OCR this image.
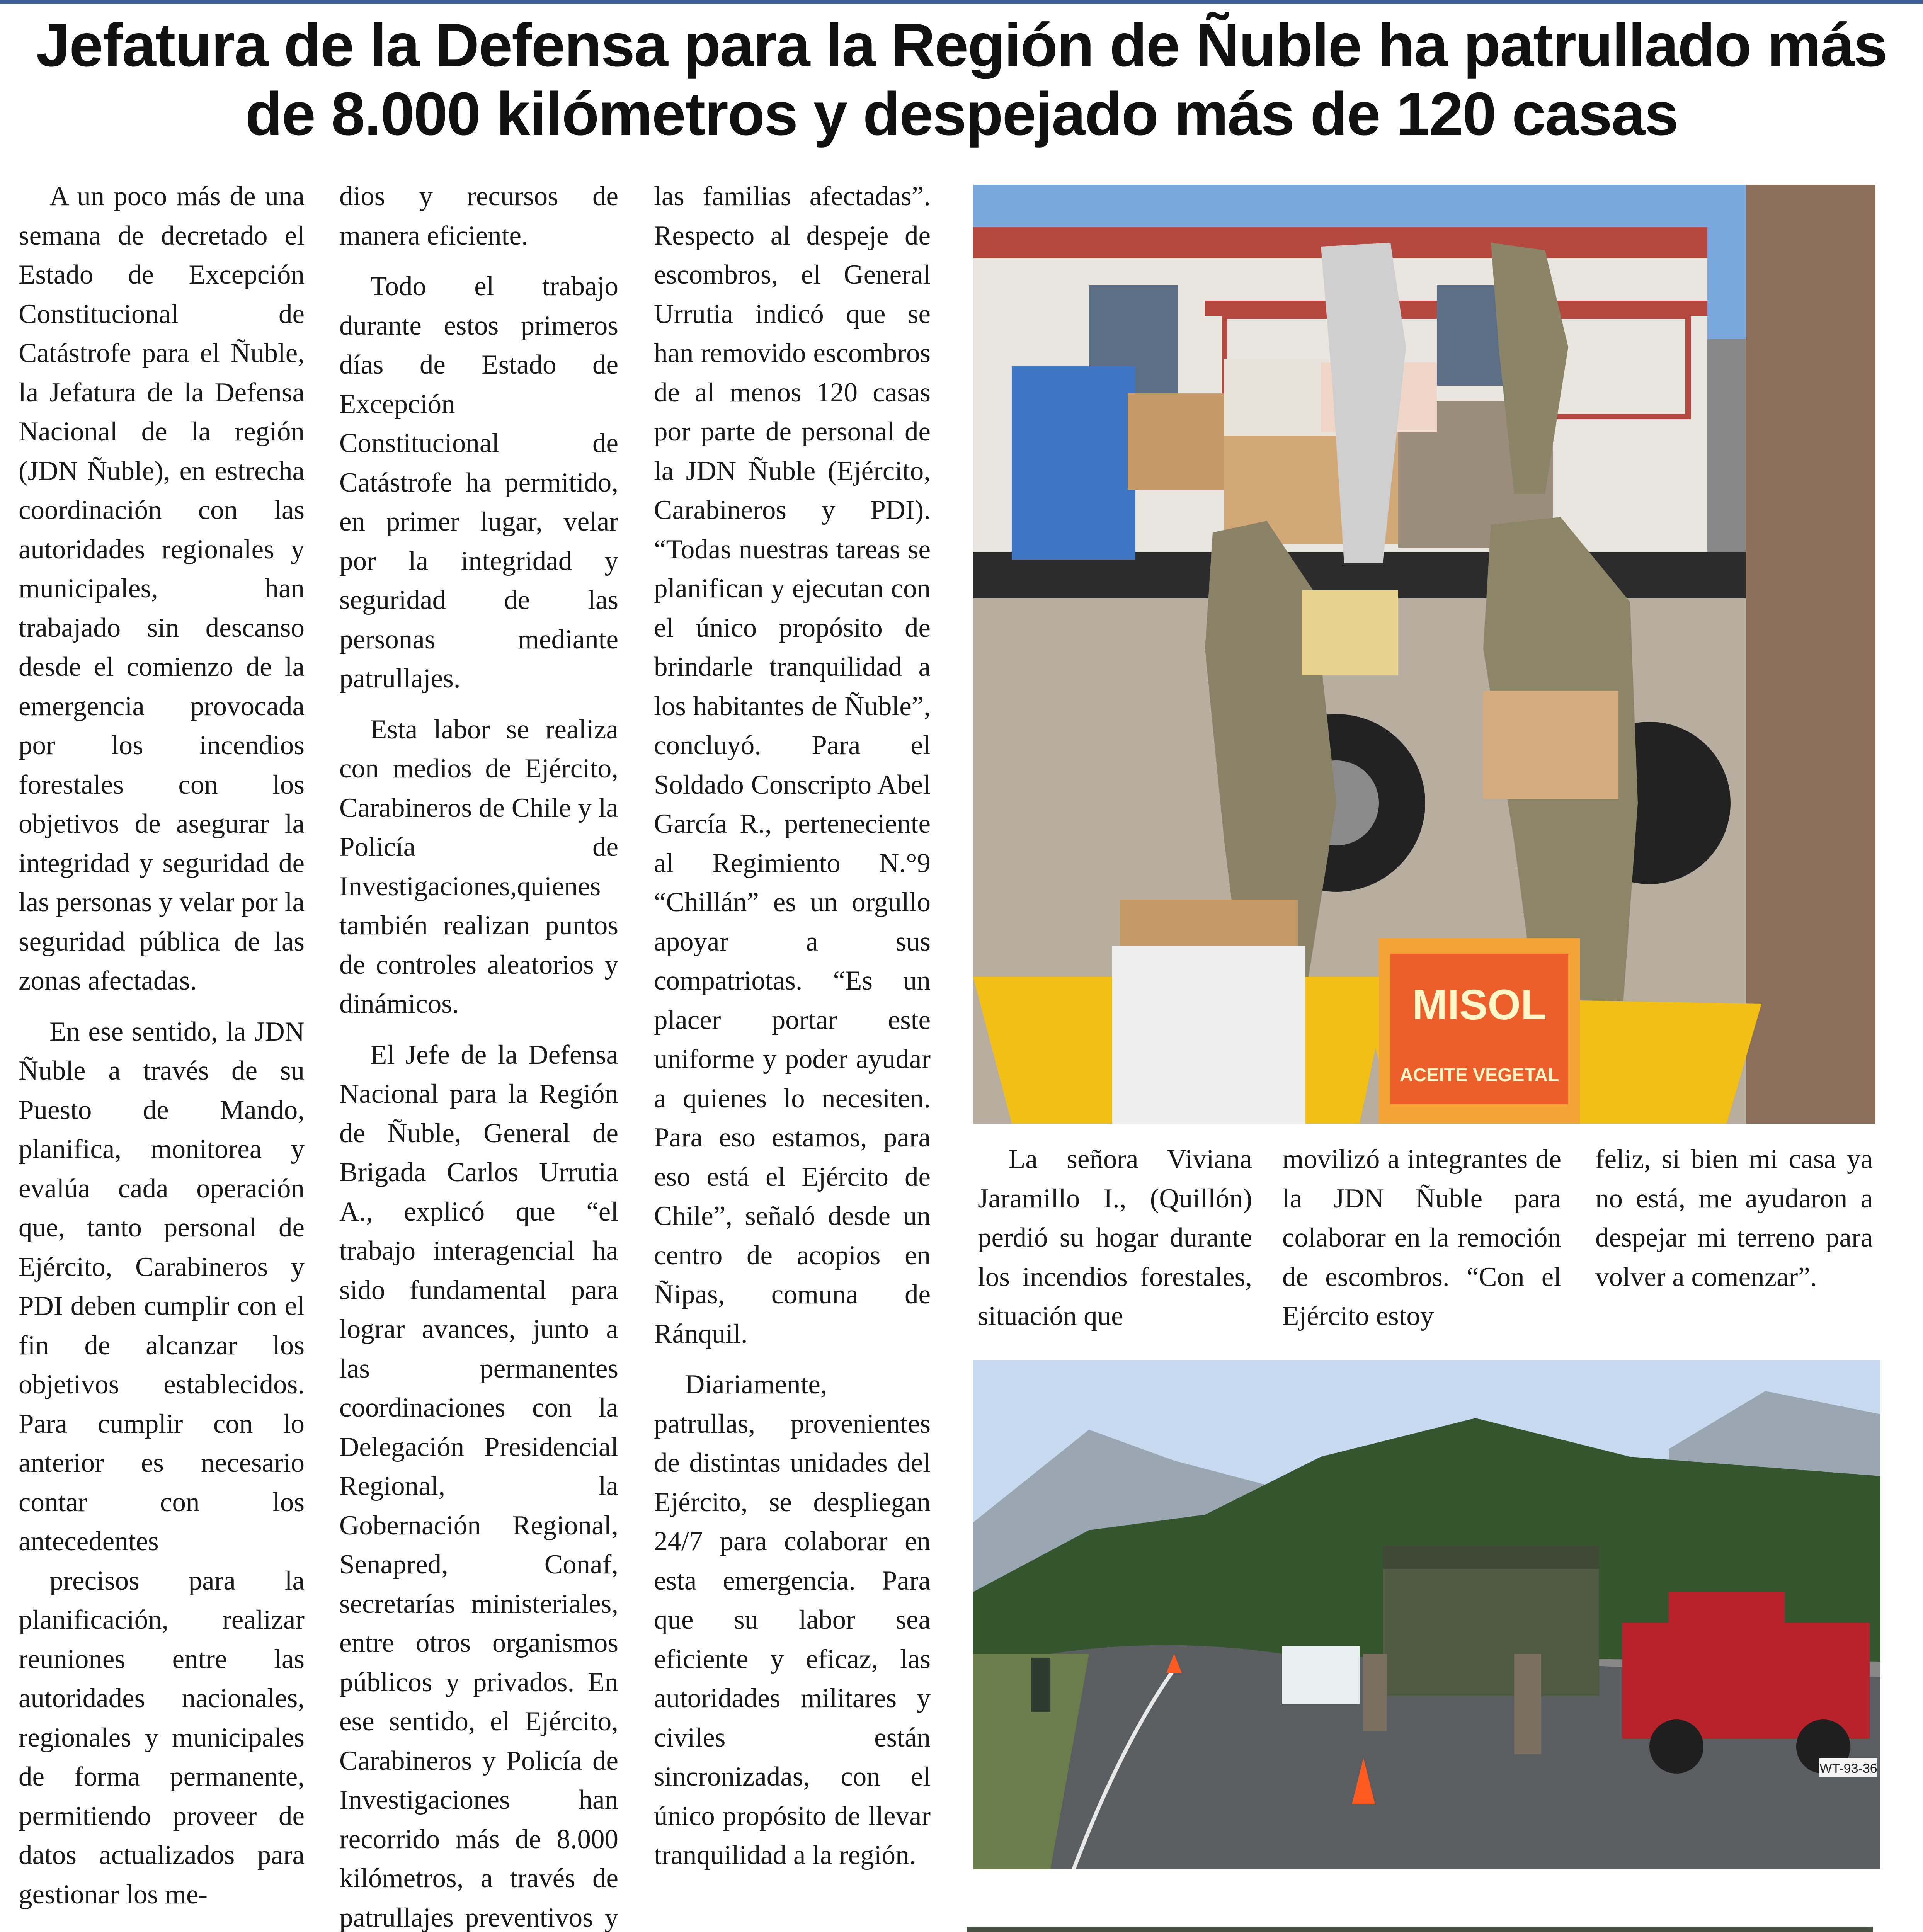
Jefatura de la Defensa para la Región de Ñuble ha patrullado más de 8.000 kilómetros y despejado más de 120 casas

A un poco más de una semana de decretado el Estado de Excepción Constitucional de Catástrofe para el Ñuble, la Jefatura de la Defensa Nacional de la región (JDN Ñuble), en estrecha coordinación con las autoridades regionales y municipales, han trabajado sin descanso desde el comienzo de la emergencia provocada por los incendios forestales con los objetivos de asegurar la integridad y seguridad de las personas y velar por la seguridad pública de las zonas afectadas.

En ese sentido, la JDN Ñuble a través de su Puesto de Mando, planifica, monitorea y evalúa cada operación que, tanto personal de Ejército, Carabineros y PDI deben cumplir con el fin de alcanzar los objetivos establecidos. Para cumplir con lo anterior es necesario contar con los antecedentes

precisos para la planificación, realizar reuniones entre las autoridades nacionales, regionales y municipales de forma permanente, permitiendo proveer de datos actualizados para gestionar los me-

dios y recursos de manera eficiente.

Todo el trabajo durante estos primeros días de Estado de Excepción Constitucional de Catástrofe ha permitido, en primer lugar, velar por la integridad y seguridad de las personas mediante patrullajes.

Esta labor se realiza con medios de Ejército, Carabineros de Chile y la Policía de Investigaciones,quienes también realizan puntos de controles aleatorios y dinámicos.

El Jefe de la Defensa Nacional para la Región de Ñuble, General de Brigada Carlos Urrutia A., explicó que “el trabajo interagencial ha sido fundamental para lograr avances, junto a las permanentes coordinaciones con la Delegación Presidencial Regional, la Gobernación Regional, Senapred, Conaf, secretarías ministeriales, entre otros organismos públicos y privados. En ese sentido, el Ejército, Carabineros y Policía de Investigaciones han recorrido más de 8.000 kilómetros, a través de patrullajes preventivos y

las familias afectadas”. Respecto al despeje de escombros, el General Urrutia indicó que se han removido escombros de al menos 120 casas por parte de personal de la JDN Ñuble (Ejército, Carabineros y PDI). “Todas nuestras tareas se planifican y ejecutan con el único propósito de brindarle tranquilidad a los habitantes de Ñuble”, concluyó. Para el Soldado Conscripto Abel García R., perteneciente al Regimiento N.°9 “Chillán” es un orgullo apoyar a sus compatriotas. “Es un placer portar este uniforme y poder ayudar a quienes lo necesiten. Para eso estamos, para eso está el Ejército de Chile”, señaló desde un centro de acopios en Ñipas, comuna de Ránquil.

Diariamente, patrullas, provenientes de distintas unidades del Ejército, se despliegan 24/7 para colaborar en esta emergencia. Para que su labor sea eficiente y eficaz, las autoridades militares y civiles están sincronizadas, con el único propósito de llevar tranquilidad a la región.

MISOL
ACEITE VEGETAL

La señora Viviana Jaramillo I., (Quillón) perdió su hogar durante los incendios forestales, situación que

movilizó a integrantes de la JDN Ñuble para colaborar en la remoción de escombros. “Con el Ejército estoy

feliz, si bien mi casa ya no está, me ayudaron a despejar mi terreno para volver a comenzar”.

WT-93-36
